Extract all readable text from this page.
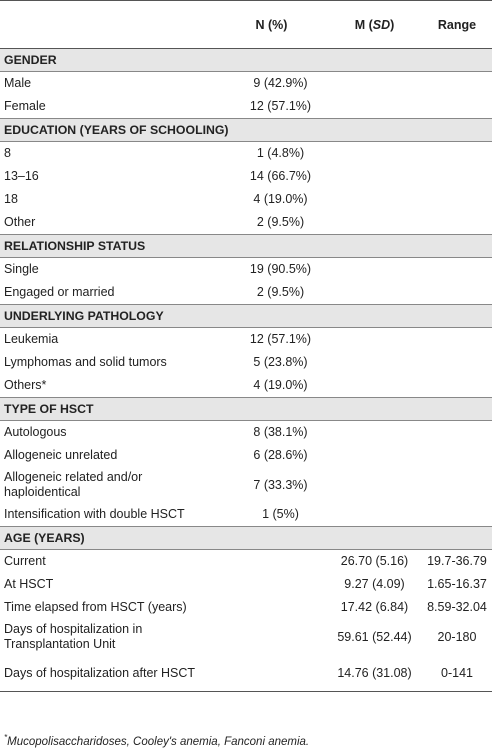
	N (%)	M (SD)	Range
GENDER			
Male	9 (42.9%)		
Female	12 (57.1%)		
EDUCATION (YEARS OF SCHOOLING)			
8	1 (4.8%)		
13–16	14 (66.7%)		
18	4 (19.0%)		
Other	2 (9.5%)		
RELATIONSHIP STATUS			
Single	19 (90.5%)		
Engaged or married	2 (9.5%)		
UNDERLYING PATHOLOGY			
Leukemia	12 (57.1%)		
Lymphomas and solid tumors	5 (23.8%)		
Others*	4 (19.0%)		
TYPE OF HSCT			
Autologous	8 (38.1%)		
Allogeneic unrelated	6 (28.6%)		
Allogeneic related and/or haploidentical	7 (33.3%)		
Intensification with double HSCT	1 (5%)		
AGE (YEARS)			
Current		26.70 (5.16)	19.7-36.79
At HSCT		9.27 (4.09)	1.65-16.37
Time elapsed from HSCT (years)		17.42 (6.84)	8.59-32.04
Days of hospitalization in Transplantation Unit		59.61 (52.44)	20-180
Days of hospitalization after HSCT		14.76 (31.08)	0-141
*Mucopolisaccharidoses, Cooley's anemia, Fanconi anemia.
